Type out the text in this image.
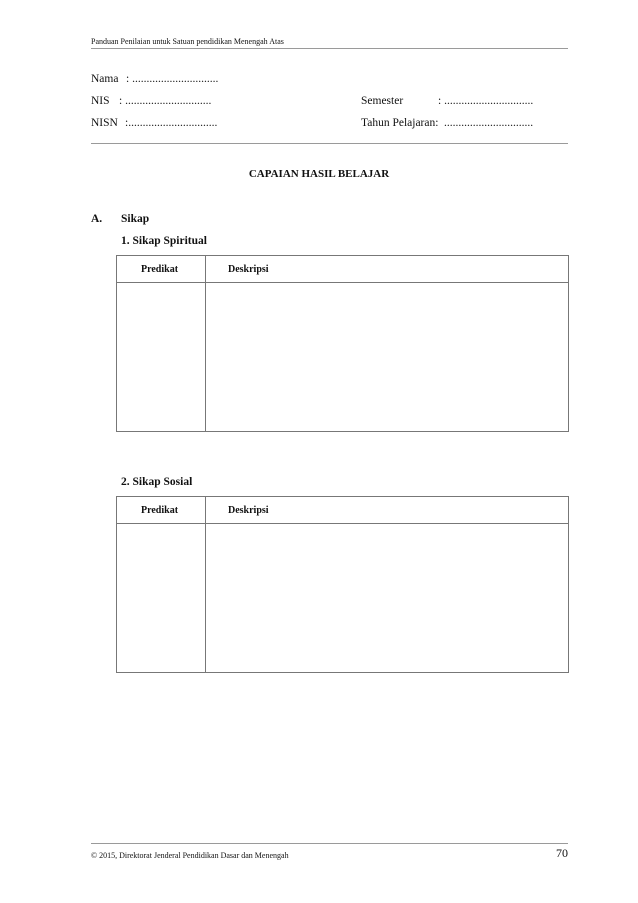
Panduan Penilaian untuk Satuan pendidikan Menengah Atas
Nama : ..............................
NIS : ..............................
NISN :...............................
Semester	: ...............................
Tahun Pelajaran: ...............................
CAPAIAN HASIL BELAJAR
A. Sikap
1. Sikap Spiritual
Predikat	Deskripsi

2. Sikap Sosial
Predikat	Deskripsi

© 2015, Direktorat Jenderal Pendidikan Dasar dan Menengah	70
